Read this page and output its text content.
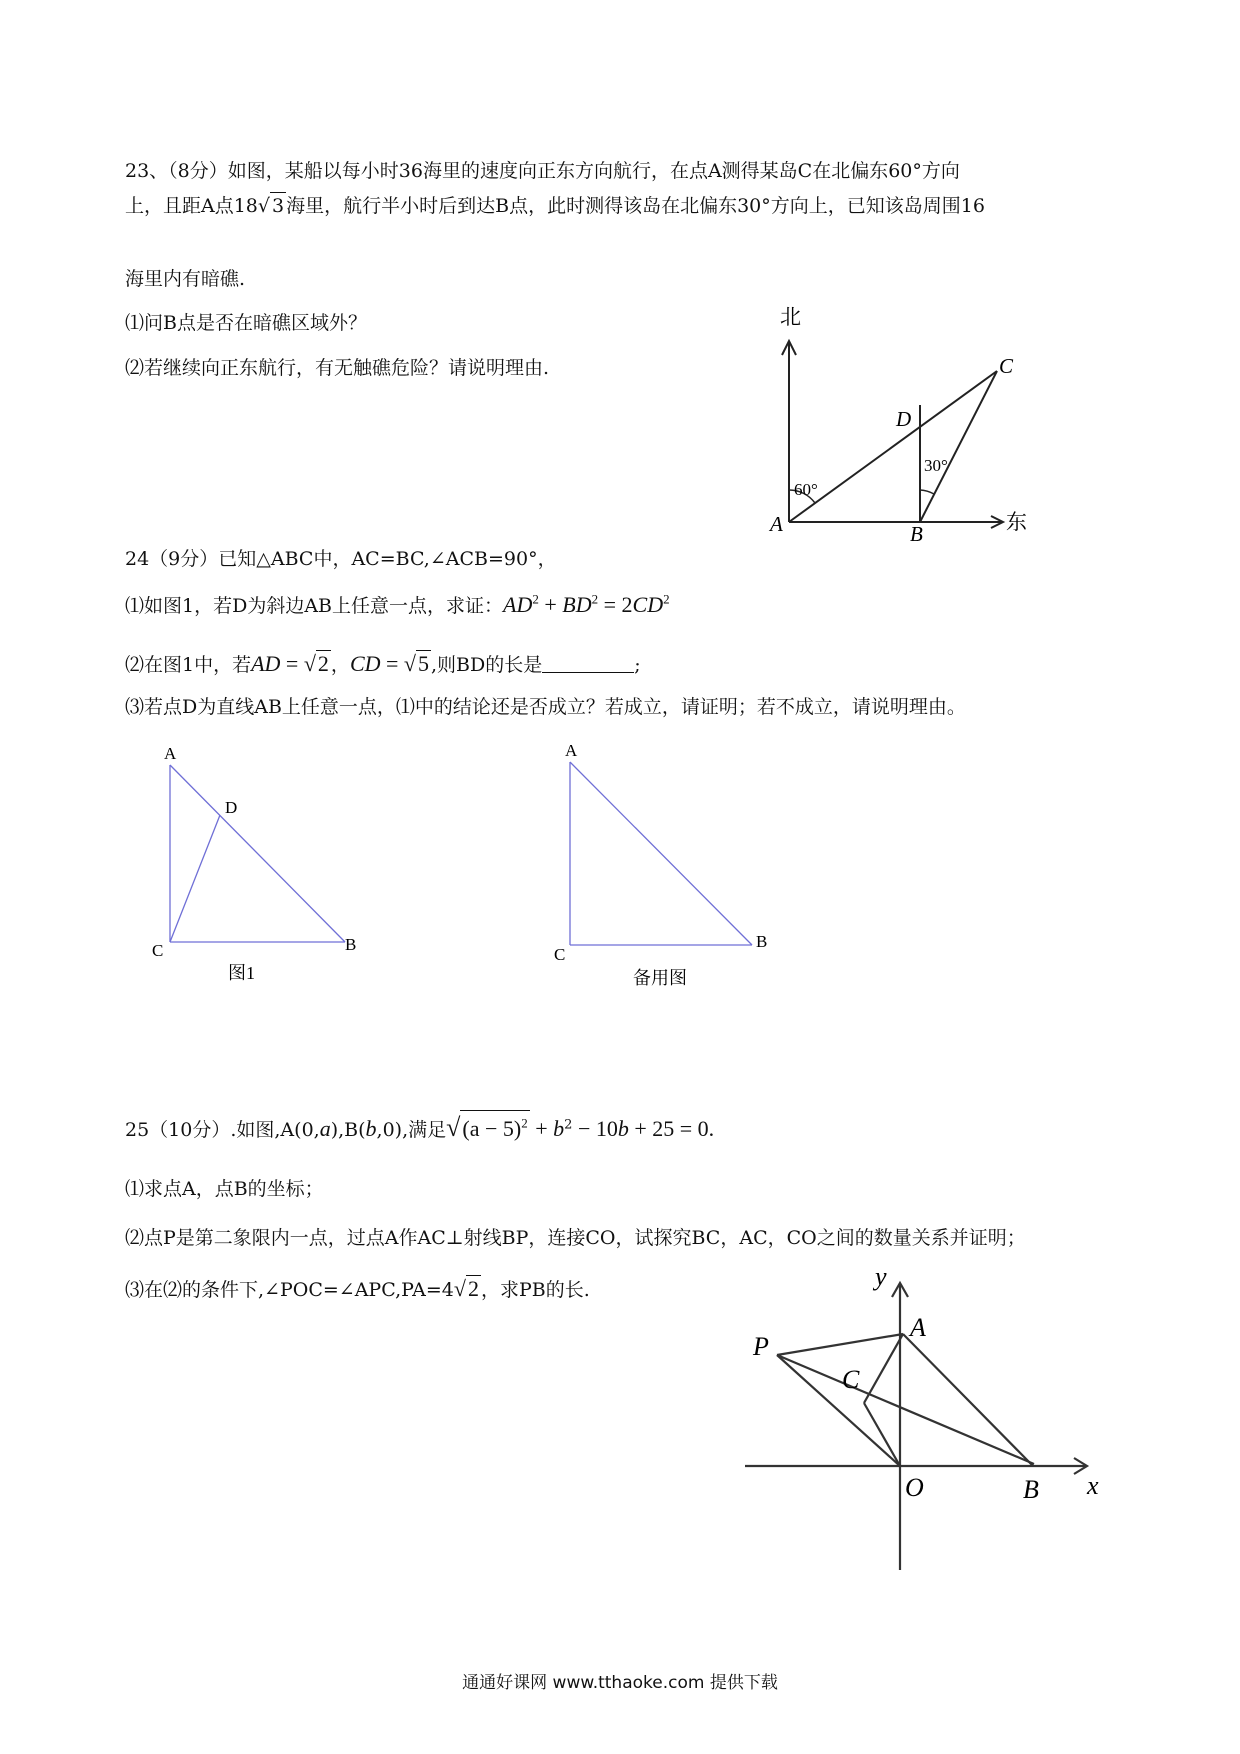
23、（8分）如图，某船以每小时36海里的速度向正东方向航行，在点A测得某岛C在北偏东60°方向
上，且距A点18√ 3 海里，航行半小时后到达B点，此时测得该岛在北偏东30°方向上，已知该岛周围16
海里内有暗礁.
⑴问B点是否在暗礁区域外？
⑵若继续向正东航行，有无触礁危险？请说明理由.
北
东
A	B
C
D
60°
30°
24（9分）已知△ABC中，AC=BC,∠ACB=90°，
⑴如图1，若D为斜边AB上任意一点，求证：$AD^2 + BD^2 = 2CD^2$
⑵在图1中，若AD = √2 ，CD = √5 ,则BD的长是	;
⑶若点D为直线AB上任意一点，⑴中的结论还是否成立？若成立，请证明；若不成立，请说明理由。
A
D
C	B
图1
A
C
B
备用图
25（10分）.如图,A(0,a),B(b,0),满足$√(a - 5)^2 + b^2 - 10b + 25 = 0$.
⑴求点A，点B的坐标；
⑵点P是第二象限内一点，过点A作AC⊥射线BP，连接CO，试探究BC，AC，CO之间的数量关系并证明；
⑶在⑵的条件下,∠POC=∠APC,PA=4√2 ，求PB的长.
P
A
C
O	B x
y
通通好课网 www.tthaoke.com 提供下载
